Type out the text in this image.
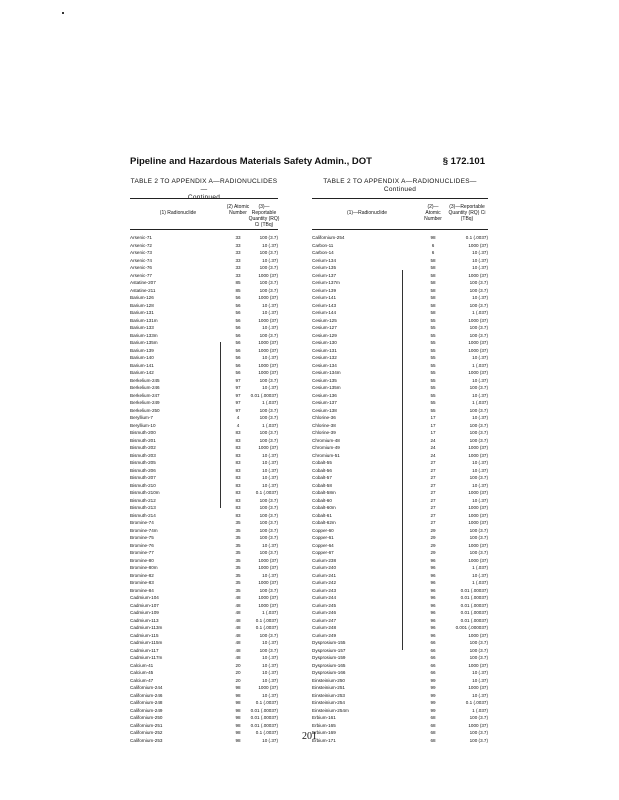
Pipeline and Hazardous Materials Safety Admin., DOT	§ 172.101
TABLE 2 TO APPENDIX A—RADIONUCLIDES—
Continued
(1) Radionuclide
(2) Atomic Number
(3)—Reportable Quantity (RQ) Ci (TBq)
Arsenic-71	33	100 (3.7)
Arsenic-72	33	10 (.37)
Arsenic-73	33	100 (3.7)
Arsenic-74	33	10 (.37)
Arsenic-76	33	100 (3.7)
Arsenic-77	33	1000 (37)
Astatine-207	85	100 (3.7)
Astatine-211	85	100 (3.7)
Barium-126	56	1000 (37)
Barium-128	56	10 (.37)
Barium-131	56	10 (.37)
Barium-131m	56	1000 (37)
Barium-133	56	10 (.37)
Barium-133m	56	100 (3.7)
Barium-135m	56	1000 (37)
Barium-139	56	1000 (37)
Barium-140	56	10 (.37)
Barium-141	56	1000 (37)
Barium-142	56	1000 (37)
Berkelium-245	97	100 (3.7)
Berkelium-246	97	10 (.37)
Berkelium-247	97	0.01 (.00037)
Berkelium-249	97	1 (.037)
Berkelium-250	97	100 (3.7)
Beryllium-7	4	100 (3.7)
Beryllium-10	4	1 (.037)
Bismuth-200	83	100 (3.7)
Bismuth-201	83	100 (3.7)
Bismuth-202	83	1000 (37)
Bismuth-203	83	10 (.37)
Bismuth-205	83	10 (.37)
Bismuth-206	83	10 (.37)
Bismuth-207	83	10 (.37)
Bismuth-210	83	10 (.37)
Bismuth-210m	83	0.1 (.0037)
Bismuth-212	83	100 (3.7)
Bismuth-213	83	100 (3.7)
Bismuth-214	83	100 (3.7)
Bromine-74	35	100 (3.7)
Bromine-74m	35	100 (3.7)
Bromine-75	35	100 (3.7)
Bromine-76	35	10 (.37)
Bromine-77	35	100 (3.7)
Bromine-80	35	1000 (37)
Bromine-80m	35	1000 (37)
Bromine-82	35	10 (.37)
Bromine-83	35	1000 (37)
Bromine-84	35	100 (3.7)
Cadmium-104	48	1000 (37)
Cadmium-107	48	1000 (37)
Cadmium-109	48	1 (.037)
Cadmium-113	48	0.1 (.0037)
Cadmium-113m	48	0.1 (.0037)
Cadmium-115	48	100 (3.7)
Cadmium-115m	48	10 (.37)
Cadmium-117	48	100 (3.7)
Cadmium-117m	48	10 (.37)
Calcium-41	20	10 (.37)
Calcium-45	20	10 (.37)
Calcium-47	20	10 (.37)
Californium-244	98	1000 (37)
Californium-246	98	10 (.37)
Californium-248	98	0.1 (.0037)
Californium-249	98	0.01 (.00037)
Californium-250	98	0.01 (.00037)
Californium-251	98	0.01 (.00037)
Californium-252	98	0.1 (.0037)
Californium-253	98	10 (.37)
TABLE 2 TO APPENDIX A—RADIONUCLIDES—
Continued
(1)—Radionuclide
(2)—Atomic Number
(3)—Reportable Quantity (RQ) Ci (TBq)
Californium-254	98	0.1 (.0037)
Carbon-11	6	1000 (37)
Carbon-14	6	10 (.37)
Cerium-134	58	10 (.37)
Cerium-135	58	10 (.37)
Cerium-137	58	1000 (37)
Cerium-137m	58	100 (3.7)
Cerium-139	58	100 (3.7)
Cerium-141	58	10 (.37)
Cerium-143	58	100 (3.7)
Cerium-144	58	1 (.037)
Cesium-125	55	1000 (37)
Cesium-127	55	100 (3.7)
Cesium-129	55	100 (3.7)
Cesium-130	55	1000 (37)
Cesium-131	55	1000 (37)
Cesium-132	55	10 (.37)
Cesium-134	55	1 (.037)
Cesium-134m	55	1000 (37)
Cesium-135	55	10 (.37)
Cesium-135m	55	100 (3.7)
Cesium-136	55	10 (.37)
Cesium-137	55	1 (.037)
Cesium-138	55	100 (3.7)
Chlorine-36	17	10 (.37)
Chlorine-38	17	100 (3.7)
Chlorine-39	17	100 (3.7)
Chromium-48	24	100 (3.7)
Chromium-49	24	1000 (37)
Chromium-51	24	1000 (37)
Cobalt-55	27	10 (.37)
Cobalt-56	27	10 (.37)
Cobalt-57	27	100 (3.7)
Cobalt-58	27	10 (.37)
Cobalt-58m	27	1000 (37)
Cobalt-60	27	10 (.37)
Cobalt-60m	27	1000 (37)
Cobalt-61	27	1000 (37)
Cobalt-62m	27	1000 (37)
Copper-60	29	100 (3.7)
Copper-61	29	100 (3.7)
Copper-64	29	1000 (37)
Copper-67	29	100 (3.7)
Curium-238	96	1000 (37)
Curium-240	96	1 (.037)
Curium-241	96	10 (.37)
Curium-242	96	1 (.037)
Curium-243	96	0.01 (.00037)
Curium-244	96	0.01 (.00037)
Curium-245	96	0.01 (.00037)
Curium-246	96	0.01 (.00037)
Curium-247	96	0.01 (.00037)
Curium-248	96	0.001 (.000037)
Curium-249	96	1000 (37)
Dysprosium-155	66	100 (3.7)
Dysprosium-157	66	100 (3.7)
Dysprosium-159	66	100 (3.7)
Dysprosium-165	66	1000 (37)
Dysprosium-166	66	10 (.37)
Einsteinium-250	99	10 (.37)
Einsteinium-251	99	1000 (37)
Einsteinium-253	99	10 (.37)
Einsteinium-254	99	0.1 (.0037)
Einsteinium-254m	99	1 (.037)
Erbium-161	68	100 (3.7)
Erbium-165	68	1000 (37)
Erbium-169	68	100 (3.7)
Erbium-171	68	100 (3.7)
201
